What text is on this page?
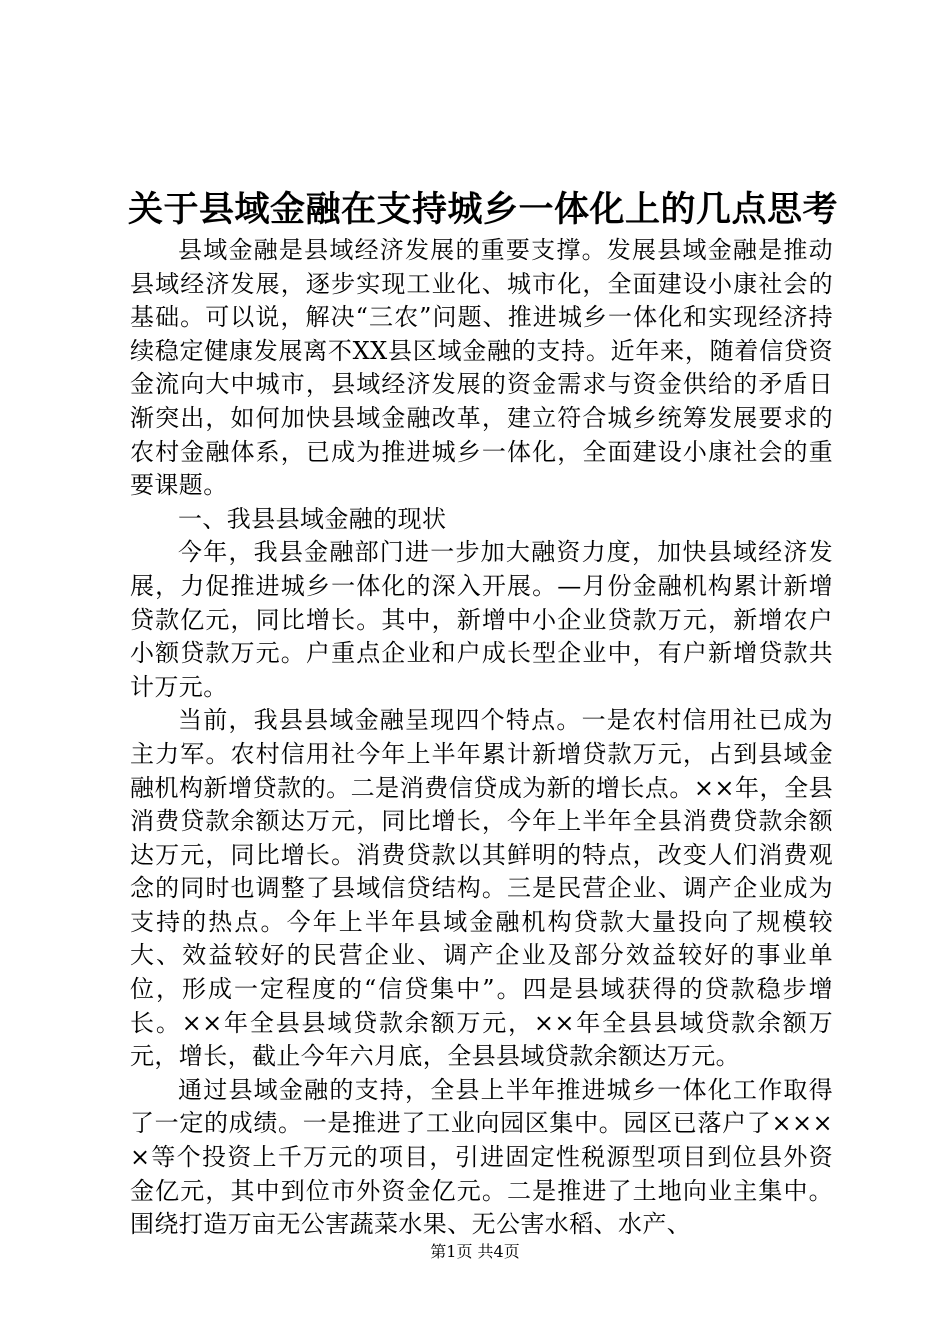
关于县域金融在支持城乡一体化上的几点思考

县域金融是县域经济发展的重要支撑。发展县域金融是推动县域经济发展，逐步实现工业化、城市化，全面建设小康社会的基础。可以说，解决“三农”问题、推进城乡一体化和实现经济持续稳定健康发展离不XX县区域金融的支持。近年来，随着信贷资金流向大中城市，县域经济发展的资金需求与资金供给的矛盾日渐突出，如何加快县域金融改革，建立符合城乡统筹发展要求的农村金融体系，已成为推进城乡一体化，全面建设小康社会的重要课题。

一、我县县域金融的现状

今年，我县金融部门进一步加大融资力度，加快县域经济发展，力促推进城乡一体化的深入开展。—月份金融机构累计新增贷款亿元，同比增长。其中，新增中小企业贷款万元，新增农户小额贷款万元。户重点企业和户成长型企业中，有户新增贷款共计万元。

当前，我县县域金融呈现四个特点。一是农村信用社已成为主力军。农村信用社今年上半年累计新增贷款万元，占到县域金融机构新增贷款的。二是消费信贷成为新的增长点。××年，全县消费贷款余额达万元，同比增长，今年上半年全县消费贷款余额达万元，同比增长。消费贷款以其鲜明的特点，改变人们消费观念的同时也调整了县域信贷结构。三是民营企业、调产企业成为支持的热点。今年上半年县域金融机构贷款大量投向了规模较大、效益较好的民营企业、调产企业及部分效益较好的事业单位，形成一定程度的“信贷集中”。四是县域获得的贷款稳步增长。××年全县县域贷款余额万元，××年全县县域贷款余额万元，增长，截止今年六月底，全县县域贷款余额达万元。

通过县域金融的支持，全县上半年推进城乡一体化工作取得了一定的成绩。一是推进了工业向园区集中。园区已落户了××××等个投资上千万元的项目，引进固定性税源型项目到位县外资金亿元，其中到位市外资金亿元。二是推进了土地向业主集中。围绕打造万亩无公害蔬菜水果、无公害水稻、水产、

第1页 共4页
